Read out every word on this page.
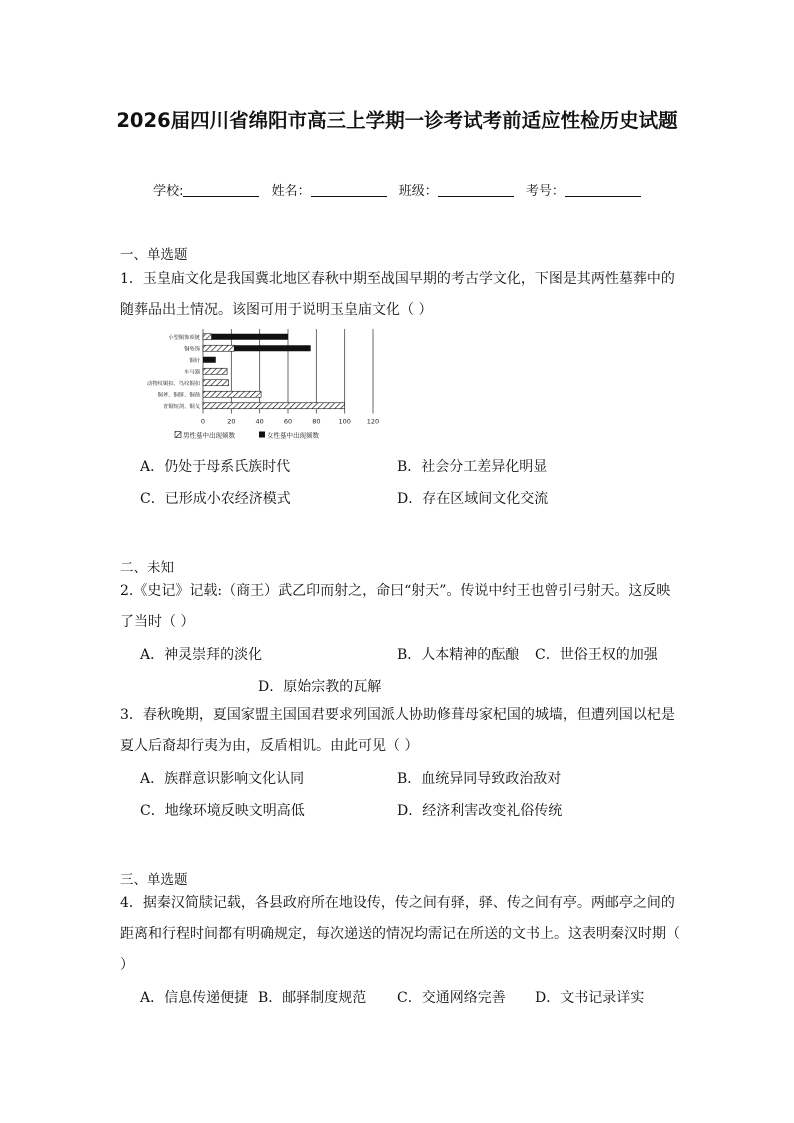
2026届四川省绵阳市高三上学期一诊考试考前适应性检历史试题
学校:	姓名：	班级：	考号：
一、单选题

1．玉皇庙文化是我国冀北地区春秋中期至战国早期的考古学文化，下图是其两性墓葬中的随葬品出土情况。该图可用于说明玉皇庙文化（ ）

小型铜饰项链
铜坠饰
铜针
车马器
动物纹铜扣、鸟纹铜扣
铜斧、铜锛、铜凿
青铜短剑、铜戈
0	20	40	60	80	100 120
男性墓中出现频数	女性墓中出现频数
A．仍处于母系氏族时代	B．社会分工差异化明显
C．已形成小农经济模式	D．存在区域间文化交流
二、未知

2.《史记》记载:（商王）武乙印而射之，命曰“射天”。传说中纣王也曾引弓射天。这反映了当时（ ）

A．神灵崇拜的淡化	B．人本精神的酝酿 C．世俗王权的加强
D．原始宗教的瓦解

3．春秋晚期，夏国家盟主国国君要求列国派人协助修葺母家杞国的城墙，但遭列国以杞是夏人后裔却行夷为由，反盾相讥。由此可见（ ）

A．族群意识影响文化认同	B．血统异同导致政治敌对
C．地缘环境反映文明高低	D．经济利害改变礼俗传统
三、单选题

4．据秦汉简牍记载，各县政府所在地设传，传之间有驿，驿、传之间有亭。两邮亭之间的距离和行程时间都有明确规定，每次递送的情况均需记在所送的文书上。这表明秦汉时期（ ）

A．信息传递便捷 B．邮驿制度规范 C．交通网络完善 D．文书记录详实
